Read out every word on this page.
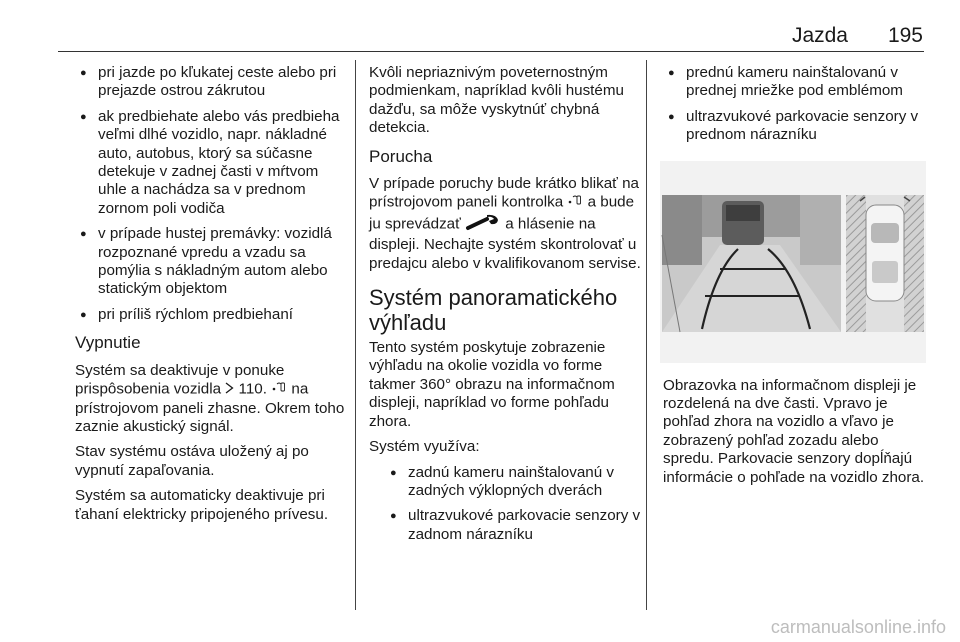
Jazda 195
● pri jazde po kľukatej ceste alebo pri prejazde ostrou zákrutou
● ak predbiehate alebo vás predbieha veľmi dlhé vozidlo, napr. nákladné auto, autobus, ktorý sa súčasne detekuje v zadnej časti v mŕtvom uhle a nachádza sa v prednom zornom poli vodiča
● v prípade hustej premávky: vozidlá rozpoznané vpredu a vzadu sa pomýlia s nákladným autom alebo statickým objektom
● pri príliš rýchlom predbiehaní
Vypnutie

Systém sa deaktivuje v ponuke prispôsobenia vozidla  110.  na prístrojovom paneli zhasne. Okrem toho zaznie akustický signál.

Stav systému ostáva uložený aj po vypnutí zapaľovania.

Systém sa automaticky deaktivuje pri ťahaní elektricky pripojeného prívesu.

Kvôli nepriaznivým poveternostným podmienkam, napríklad kvôli hustému dažďu, sa môže vyskytnúť chybná detekcia.

Porucha

V prípade poruchy bude krátko blikať na prístrojovom paneli kontrolka  a bude ju sprevádzať  a hlásenie na displeji. Nechajte systém skontrolovať u predajcu alebo v kvalifikovanom servise.

Systém panoramatického výhľadu

Tento systém poskytuje zobrazenie výhľadu na okolie vozidla vo forme takmer 360° obrazu na informačnom displeji, napríklad vo forme pohľadu zhora.

Systém využíva:

● zadnú kameru nainštalovanú v zadných výklopných dverách
● ultrazvukové parkovacie senzory v zadnom nárazníku
● prednú kameru nainštalovanú v prednej mriežke pod emblémom
● ultrazvukové parkovacie senzory v prednom nárazníku

Obrazovka na informačnom displeji je rozdelená na dve časti. Vpravo je pohľad zhora na vozidlo a vľavo je zobrazený pohľad zozadu alebo spredu. Parkovacie senzory dopĺňajú informácie o pohľade na vozidlo zhora.

carmanualsonline.info
